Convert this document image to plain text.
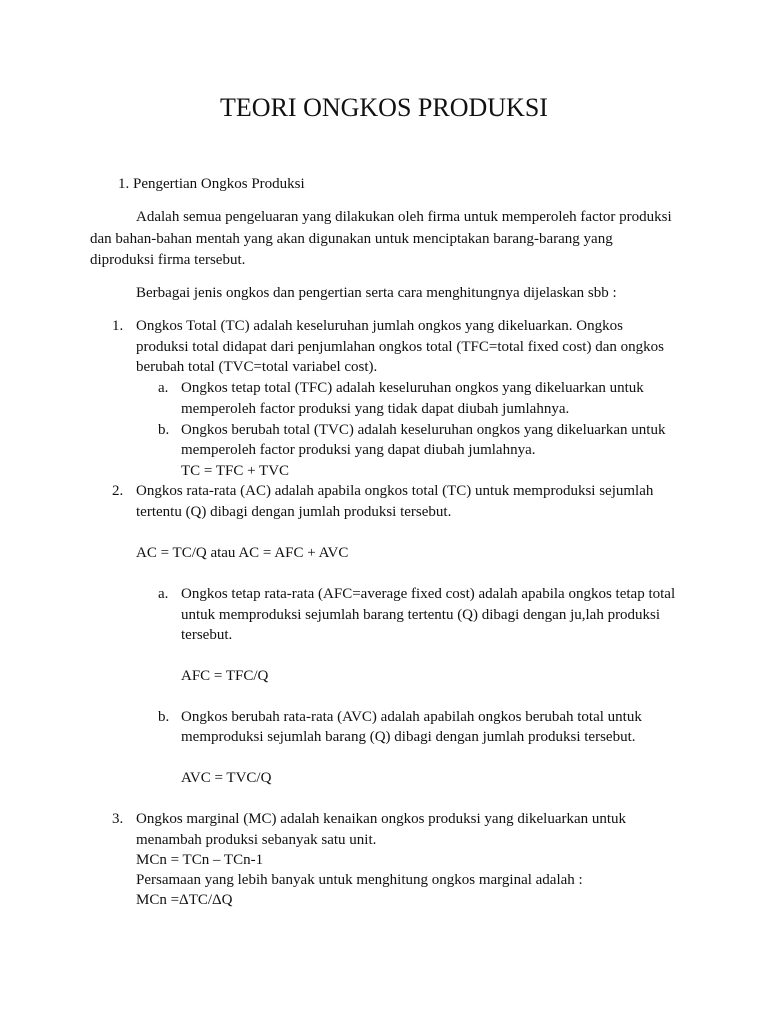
TEORI ONGKOS PRODUKSI
1. Pengertian Ongkos Produksi
Adalah semua pengeluaran yang dilakukan oleh firma untuk memperoleh factor produksi
dan bahan-bahan mentah yang akan digunakan untuk menciptakan barang-barang yang
diproduksi firma tersebut.
Berbagai jenis ongkos dan pengertian serta cara menghitungnya dijelaskan sbb :
1. Ongkos Total (TC) adalah keseluruhan jumlah ongkos yang dikeluarkan. Ongkos
produksi total didapat dari penjumlahan ongkos total (TFC=total fixed cost) dan ongkos
berubah total (TVC=total variabel cost).
a. Ongkos tetap total (TFC) adalah keseluruhan ongkos yang dikeluarkan untuk
memperoleh factor produksi yang tidak dapat diubah jumlahnya.
b. Ongkos berubah total (TVC) adalah keseluruhan ongkos yang dikeluarkan untuk
memperoleh factor produksi yang dapat diubah jumlahnya.
TC = TFC + TVC
2. Ongkos rata-rata (AC) adalah apabila ongkos total (TC) untuk memproduksi sejumlah
tertentu (Q) dibagi dengan jumlah produksi tersebut.
AC = TC/Q atau AC = AFC + AVC
a. Ongkos tetap rata-rata (AFC=average fixed cost) adalah apabila ongkos tetap total
untuk memproduksi sejumlah barang tertentu (Q) dibagi dengan ju,lah produksi
tersebut.
AFC = TFC/Q
b. Ongkos berubah rata-rata (AVC) adalah apabilah ongkos berubah total untuk
memproduksi sejumlah barang (Q) dibagi dengan jumlah produksi tersebut.
AVC = TVC/Q
3. Ongkos marginal (MC) adalah kenaikan ongkos produksi yang dikeluarkan untuk
menambah produksi sebanyak satu unit.
MCn = TCn – TCn-1
Persamaan yang lebih banyak untuk menghitung ongkos marginal adalah :
MCn =ΔTC/ΔQ
